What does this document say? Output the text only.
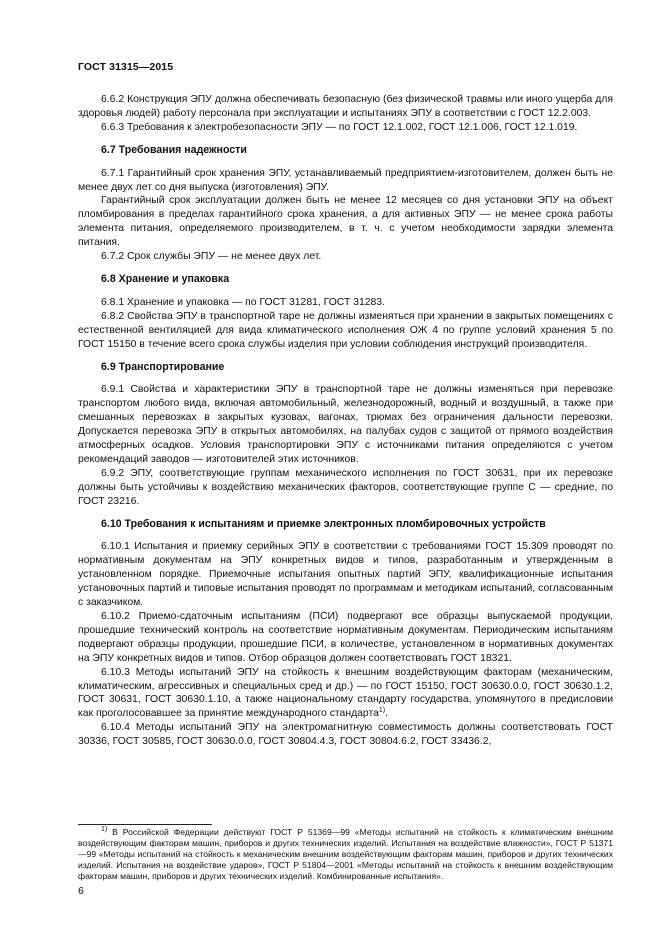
ГОСТ 31315—2015

6.6.2 Конструкция ЭПУ должна обеспечивать безопасную (без физической травмы или иного ущерба для здоровья людей) работу персонала при эксплуатации и испытаниях ЭПУ в соответствии с ГОСТ 12.2.003.

6.6.3 Требования к электробезопасности ЭПУ — по ГОСТ 12.1.002, ГОСТ 12.1.006, ГОСТ 12.1.019.

6.7 Требования надежности

6.7.1 Гарантийный срок хранения ЭПУ, устанавливаемый предприятием-изготовителем, должен быть не менее двух лет со дня выпуска (изготовления) ЭПУ.

Гарантийный срок эксплуатации должен быть не менее 12 месяцев со дня установки ЭПУ на объект пломбирования в пределах гарантийного срока хранения, а для активных ЭПУ — не менее срока работы элемента питания, определяемого производителем, в т. ч. с учетом необходимости зарядки элемента питания.

6.7.2 Срок службы ЭПУ — не менее двух лет.

6.8 Хранение и упаковка

6.8.1 Хранение и упаковка — по ГОСТ 31281, ГОСТ 31283.

6.8.2 Свойства ЭПУ в транспортной таре не должны изменяться при хранении в закрытых помещениях с естественной вентиляцией для вида климатического исполнения ОЖ 4 по группе условий хранения 5 по ГОСТ 15150 в течение всего срока службы изделия при условии соблюдения инструкций производителя.

6.9 Транспортирование

6.9.1 Свойства и характеристики ЭПУ в транспортной таре не должны изменяться при перевозке транспортом любого вида, включая автомобильный, железнодорожный, водный и воздушный, а также при смешанных перевозках в закрытых кузовах, вагонах, трюмах без ограничения дальности перевозки. Допускается перевозка ЭПУ в открытых автомобилях, на палубах судов с защитой от прямого воздействия атмосферных осадков. Условия транспортировки ЭПУ с источниками питания определяются с учетом рекомендаций заводов — изготовителей этих источников.

6.9.2 ЭПУ, соответствующие группам механического исполнения по ГОСТ 30631, при их перевозке должны быть устойчивы к воздействию механических факторов, соответствующие группе С — средние, по ГОСТ 23216.

6.10 Требования к испытаниям и приемке электронных пломбировочных устройств

6.10.1 Испытания и приемку серийных ЭПУ в соответствии с требованиями ГОСТ 15.309 проводят по нормативным документам на ЭПУ конкретных видов и типов, разработанным и утвержденным в установленном порядке. Приемочные испытания опытных партий ЭПУ, квалификационные испытания установочных партий и типовые испытания проводят по программам и методикам испытаний, согласованным с заказчиком.

6.10.2 Приемо-сдаточным испытаниям (ПСИ) подвергают все образцы выпускаемой продукции, прошедшие технический контроль на соответствие нормативным документам. Периодическим испытаниям подвергают образцы продукции, прошедшие ПСИ, в количестве, установленном в нормативных документах на ЭПУ конкретных видов и типов. Отбор образцов должен соответствовать ГОСТ 18321.

6.10.3 Методы испытаний ЭПУ на стойкость к внешним воздействующим факторам (механическим, климатическим, агрессивных и специальных сред и др.) — по ГОСТ 15150, ГОСТ 30630.0.0, ГОСТ 30630.1.2, ГОСТ 30631, ГОСТ 30630.1.10, а также национальному стандарту государства, упомянутого в предисловии как проголосовавшее за принятие международного стандарта$^{1)}$.

6.10.4 Методы испытаний ЭПУ на электромагнитную совместимость должны соответствовать ГОСТ 30336, ГОСТ 30585, ГОСТ 30630.0.0, ГОСТ 30804.4.3, ГОСТ 30804.6.2, ГОСТ 33436.2,

$^{1)}$ В Российской Федерации действуют ГОСТ Р 51369—99 «Методы испытаний на стойкость к климатическим внешним воздействующим факторам машин, приборов и других технических изделий. Испытания на воздействие влажности», ГОСТ Р 51371—99 «Методы испытаний на стойкость к механическим внешним воздействующим факторам машин, приборов и других технических изделий. Испытания на воздействие ударов», ГОСТ Р 51804—2001 «Методы испытаний на стойкость к внешним воздействующим факторам машин, приборов и других технических изделий. Комбинированные испытания».
6
